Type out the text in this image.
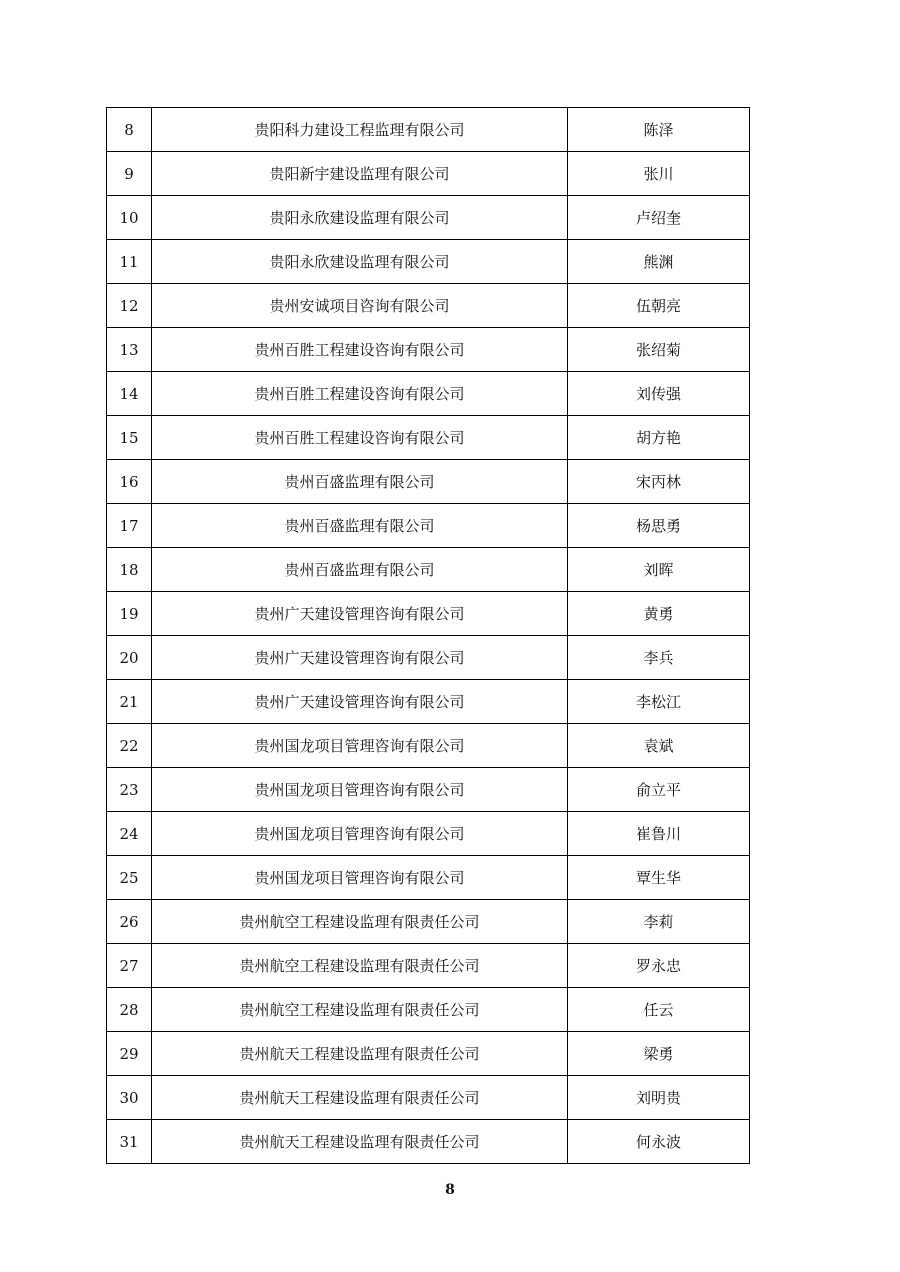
8	贵阳科力建设工程监理有限公司	陈泽
9	贵阳新宇建设监理有限公司	张川
10	贵阳永欣建设监理有限公司	卢绍奎
11	贵阳永欣建设监理有限公司	熊渊
12	贵州安诚项目咨询有限公司	伍朝亮
13	贵州百胜工程建设咨询有限公司	张绍菊
14	贵州百胜工程建设咨询有限公司	刘传强
15	贵州百胜工程建设咨询有限公司	胡方艳
16	贵州百盛监理有限公司	宋丙林
17	贵州百盛监理有限公司	杨思勇
18	贵州百盛监理有限公司	刘晖
19	贵州广天建设管理咨询有限公司	黄勇
20	贵州广天建设管理咨询有限公司	李兵
21	贵州广天建设管理咨询有限公司	李松江
22	贵州国龙项目管理咨询有限公司	袁斌
23	贵州国龙项目管理咨询有限公司	俞立平
24	贵州国龙项目管理咨询有限公司	崔鲁川
25	贵州国龙项目管理咨询有限公司	覃生华
26	贵州航空工程建设监理有限责任公司	李莉
27	贵州航空工程建设监理有限责任公司	罗永忠
28	贵州航空工程建设监理有限责任公司	任云
29	贵州航天工程建设监理有限责任公司	梁勇
30	贵州航天工程建设监理有限责任公司	刘明贵
31	贵州航天工程建设监理有限责任公司	何永波
8
